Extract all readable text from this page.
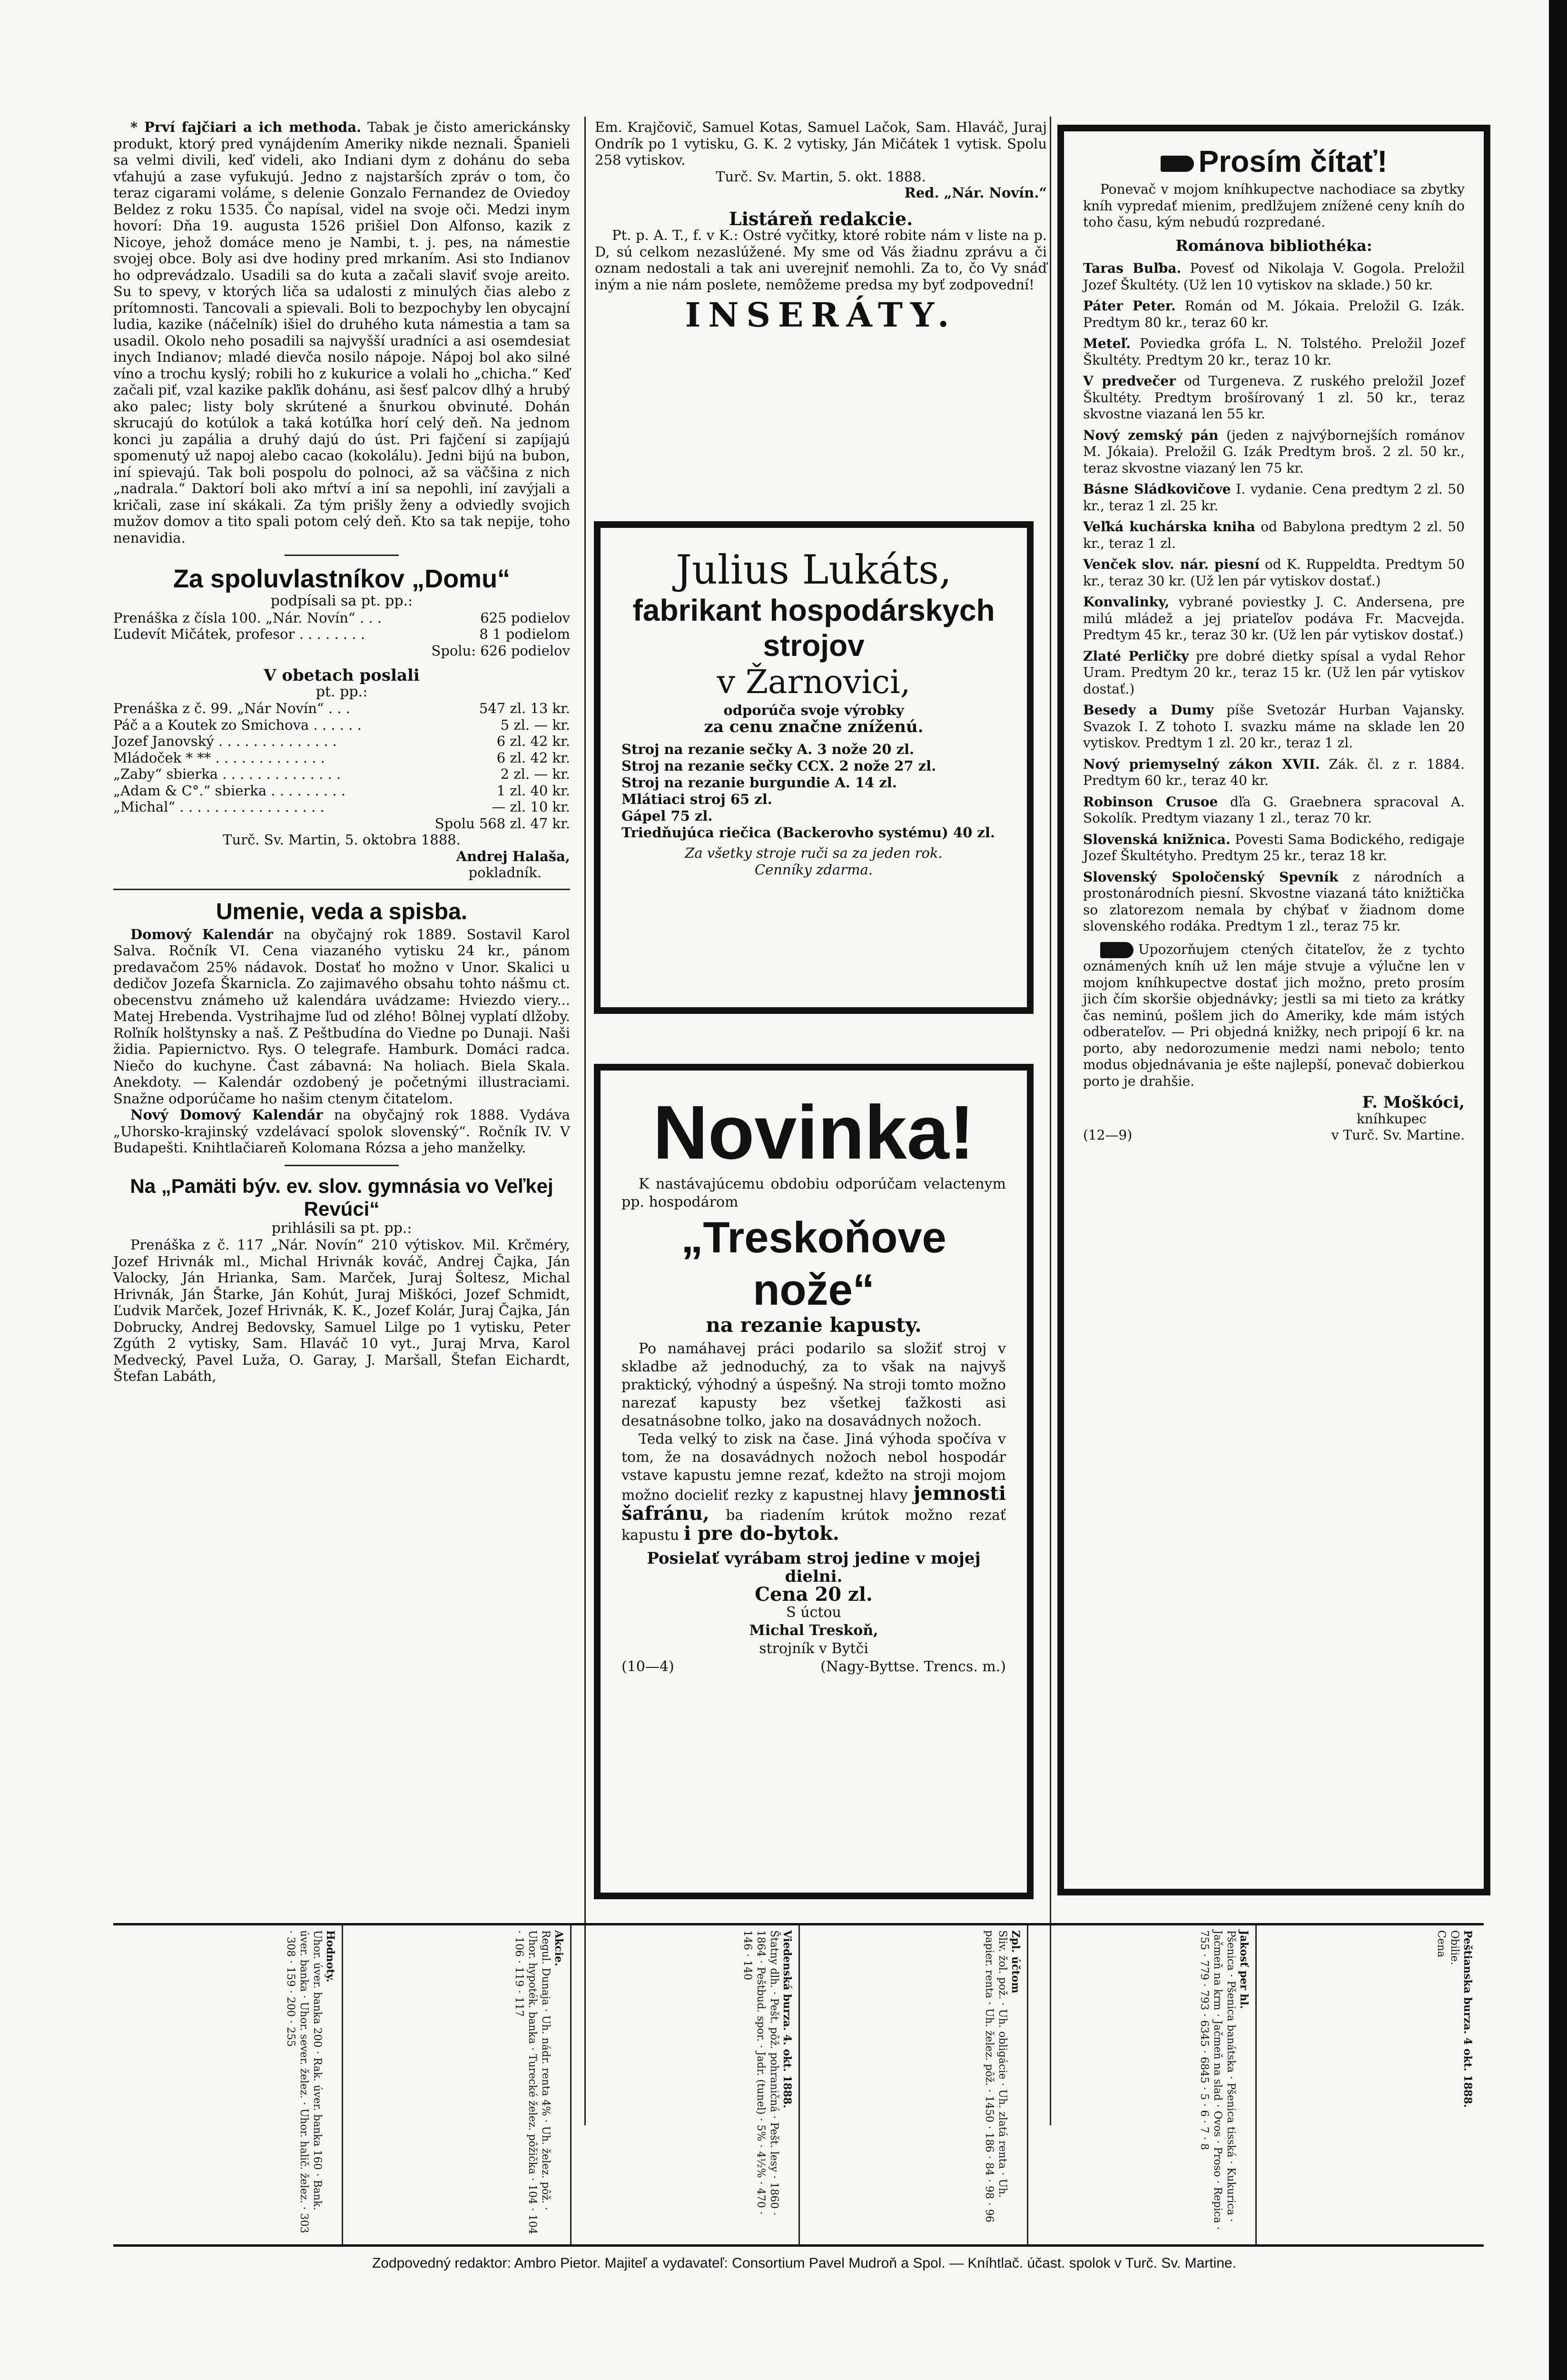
* Prví fajčiari a ich methoda. Tabak je čisto americkánsky produkt, ktorý pred vynájdením Ameriky nikde neznali. Španieli sa velmi divili, keď videli, ako Indiani dym z dohánu do seba vťahujú a zase vyfukujú. Jedno z najstarších zpráv o tom, čo teraz cigarami voláme, s delenie Gonzalo Fernandez de Oviedoy Beldez z roku 1535. Čo napísal, videl na svoje oči. Medzi inym hovorí: Dňa 19. augusta 1526 prišiel Don Alfonso, kazik z Nicoye, jehož domáce meno je Nambi, t. j. pes, na námestie svojej obce. Boly asi dve hodiny pred mrkaním. Asi sto Indianov ho odprevádzalo. Usadili sa do kuta a začali slaviť svoje areito. Su to spevy, v ktorých liča sa udalosti z minulých čias alebo z prítomnosti. Tancovali a spievali. Boli to bezpochyby len obycajní ludia, kazike (náčelník) išiel do druhého kuta námestia a tam sa usadil. Okolo neho posadili sa najvyšší uradníci a asi osemdesiat inych Indianov; mladé dievča nosilo nápoje. Nápoj bol ako silné víno a trochu kyslý; robili ho z kukurice a volali ho „chicha.“ Keď začali piť, vzal kazike pakľik dohánu, asi šesť palcov dlhý a hrubý ako palec; listy boly skrútené a šnurkou obvinuté. Dohán skrucajú do kotúlok a taká kotúľka horí celý deň. Na jednom konci ju zapália a druhý dajú do úst. Pri fajčení si zapíjajú spomenutý už napoj alebo cacao (kokolálu). Jedni bijú na bubon, iní spievajú. Tak boli pospolu do polnoci, až sa väčšina z nich „nadrala.“ Daktorí boli ako mŕtví a iní sa nepohli, iní zavýjali a kričali, zase iní skákali. Za tým prišly ženy a odviedly svojich mužov domov a tito spali potom celý deň. Kto sa tak nepije, toho nenavidia.

Za spoluvlastníkov „Domu“
podpísali sa pt. pp.:
Prenáška z čísla 100. „Nár. Novín“ . . .	625 podielov
Ľudevít Mičátek, profesor . . . . . . . .	8 1 podielom
Spolu: 626 podielov
V obetach poslali
pt. pp.:
Prenáška z č. 99. „Nár Novín“ . . .	547 zl. 13 kr.
Páč a a Koutek zo Smichova . . . . . .	5 zl. — kr.
Jozef Janovský . . . . . . . . . . . . . .	6 zl. 42 kr.
Mládoček * ** . . . . . . . . . . . . .	6 zl. 42 kr.
„Zaby“ sbierka . . . . . . . . . . . . . .	2 zl. — kr.
„Adam & C°.“ sbierka . . . . . . . . .	1 zl. 40 kr.
„Michal“ . . . . . . . . . . . . . . . . .	— zl. 10 kr.
Spolu 568 zl. 47 kr.
Turč. Sv. Martin, 5. oktobra 1888.
Andrej Halaša,
pokladník.
Umenie, veda a spisba.

Domový Kalendár na obyčajný rok 1889. Sostavil Karol Salva. Ročník VI. Cena viazaného vytisku 24 kr., pánom predavačom 25% nádavok. Dostať ho možno v Unor. Skalici u dedičov Jozefa Škarnicla. Zo zajimavého obsahu tohto nášmu ct. obecenstvu známeho už kalendára uvádzame: Hviezdo viery... Matej Hrebenda. Vystrihajme ľud od zlého! Bôlnej vyplatí dlžoby. Roľník holštynsky a naš. Z Peštbudína do Viedne po Dunaji. Naši židia. Papiernictvo. Rys. O telegrafe. Hamburk. Domáci radca. Niečo do kuchyne. Čast zábavná: Na holiach. Biela Skala. Anekdoty. — Kalendár ozdobený je početnými illustraciami. Snažne odporúčame ho našim ctenym čitatelom.

Nový Domový Kalendár na obyčajný rok 1888. Vydáva „Uhorsko-krajinský vzdelávací spolok slovenský“. Ročník IV. V Budapešti. Knihtlačiareň Kolomana Rózsa a jeho manželky.

Na „Pamäti býv. ev. slov. gymnásia vo Veľkej Revúci“
prihlásili sa pt. pp.:

Prenáška z č. 117 „Nár. Novín“ 210 výtiskov. Mil. Krčméry, Jozef Hrivnák ml., Michal Hrivnák kováč, Andrej Čajka, Ján Valocky, Ján Hrianka, Sam. Marček, Juraj Šoltesz, Michal Hrivnák, Ján Štarke, Ján Kohút, Juraj Miškóci, Jozef Schmidt, Ľudvik Marček, Jozef Hrivnák, K. K., Jozef Kolár, Juraj Čajka, Ján Dobrucky, Andrej Bedovsky, Samuel Lilge po 1 vytisku, Peter Zgúth 2 vytisky, Sam. Hlaváč 10 vyt., Juraj Mrva, Karol Medvecký, Pavel Luža, O. Garay, J. Maršall, Štefan Eichardt, Štefan Labáth,

Em. Krajčovič, Samuel Kotas, Samuel Lačok, Sam. Hlaváč, Juraj Ondrík po 1 vytisku, G. K. 2 vytisky, Ján Mičátek 1 vytisk. Spolu 258 vytiskov.

Turč. Sv. Martin, 5. okt. 1888.
Red. „Nár. Novín.“
Listáreň redakcie.

Pt. p. A. T., f. v K.: Ostré vyčitky, ktoré robite nám v liste na p. D, sú celkom nezaslúžené. My sme od Vás žiadnu zprávu a či oznam nedostali a tak ani uverejniť nemohli. Za to, čo Vy snáď iným a nie nám poslete, nemôžeme predsa my byť zodpovední!

INSERÁTY.
Julius Lukáts,
fabrikant hospodárskych strojov
v Žarnovici,
odporúča svoje výrobky
za cenu značne zníženú.
Stroj na rezanie sečky A. 3 nože 20 zl.
Stroj na rezanie sečky CCX. 2 nože 27 zl.
Stroj na rezanie burgundie A. 14 zl.
Mlátiaci stroj 65 zl.
Gápel 75 zl.
Triedňujúca riečica (Backerovho systému) 40 zl.
Za všetky stroje ruči sa za jeden rok.
Cenníky zdarma.
Novinka!

K nastávajúcemu obdobiu odporúčam velactenym pp. hospodárom

„Treskoňove nože“
na rezanie kapusty.

Po namáhavej práci podarilo sa složiť stroj v skladbe až jednoduchý, za to však na najvyš praktický, výhodný a úspešný. Na stroji tomto možno narezať kapusty bez všetkej ťažkosti asi desatnásobne tolko, jako na dosavádnych nožoch.

Teda velký to zisk na čase. Jiná výhoda spočíva v tom, že na dosavádnych nožoch nebol hospodár vstave kapustu jemne rezať, kdežto na stroji mojom možno docieliť rezky z kapustnej hlavy jemnosti šafránu, ba riadením krútok možno rezať kapustu i pre do-bytok.

Posielať vyrábam stroj jedine v mojej dielni.
Cena 20 zl.
S úctou
Michal Treskoň,
strojník v Bytči
(10—4)	(Nagy-Byttse. Trencs. m.)
Prosím čítať!

Ponevač v mojom kníhkupectve nachodiace sa zbytky kníh vypredať mienim, predlžujem znížené ceny kníh do toho času, kým nebudú rozpredané.

Románova bibliothéka:

Taras Buľba. Povesť od Nikolaja V. Gogola. Preložil Jozef Škultéty. (Už len 10 vytiskov na sklade.) 50 kr.

Páter Peter. Román od M. Jókaia. Preložil G. Izák. Predtym 80 kr., teraz 60 kr.

Meteľ. Poviedka grófa L. N. Tolstého. Preložil Jozef Škultéty. Predtym 20 kr., teraz 10 kr.

V predvečer od Turgeneva. Z ruského preložil Jozef Škultéty. Predtym brošírovaný 1 zl. 50 kr., teraz skvostne viazaná len 55 kr.

Nový zemský pán (jeden z najvýbornejších románov M. Jókaia). Preložil G. Izák Predtym broš. 2 zl. 50 kr., teraz skvostne viazaný len 75 kr.

Básne Sládkovičove I. vydanie. Cena predtym 2 zl. 50 kr., teraz 1 zl. 25 kr.

Veľká kuchárska kniha od Babylona predtym 2 zl. 50 kr., teraz 1 zl.

Venček slov. nár. piesní od K. Ruppeldta. Predtym 50 kr., teraz 30 kr. (Už len pár vytiskov dostať.)

Konvalinky, vybrané poviestky J. C. Andersena, pre milú mládež a jej priateľov podáva Fr. Macvejda. Predtym 45 kr., teraz 30 kr. (Už len pár vytiskov dostať.)

Zlaté Perličky pre dobré dietky spísal a vydal Rehor Uram. Predtym 20 kr., teraz 15 kr. (Už len pár vytiskov dostať.)

Besedy a Dumy píše Svetozár Hurban Vajansky. Svazok I. Z tohoto I. svazku máme na sklade len 20 vytiskov. Predtym 1 zl. 20 kr., teraz 1 zl.

Nový priemyselný zákon XVII. Zák. čl. z r. 1884. Predtym 60 kr., teraz 40 kr.

Robinson Crusoe dľa G. Graebnera spracoval A. Sokolík. Predtym viazany 1 zl., teraz 70 kr.

Slovenská knižnica. Povesti Sama Bodického, redigaje Jozef Škultétyho. Predtym 25 kr., teraz 18 kr.

Slovenský Spoločenský Spevník z národních a prostonárodních piesní. Skvostne viazaná táto knižtička so zlatorezom nemala by chýbať v žiadnom dome slovenského rodáka. Predtym 1 zl., teraz 75 kr.

Upozorňujem ctených čitateľov, že z tychto oznámených kníh už len máje stvuje a výlučne len v mojom kníhkupectve dostať jich možno, preto prosím jich čím skoršie objednávky; jestli sa mi tieto za krátky čas neminú, pošlem jich do Ameriky, kde mám istých odberateľov. — Pri objedná knižky, nech pripojí 6 kr. na porto, aby nedorozumenie medzi nami nebolo; tento modus objednávania je ešte najlepší, ponevač dobierkou porto je drahšie.

F. Moškóci,
kníhkupec
(12—9)	v Turč. Sv. Martine.
Peštianska burza. 4 okt. 1888.
Obilie.
Cena
Jakosť per hl.
Pšenica · Pšenica banátska · Pšenica tisská · Kukurica · Jačmeň na krm · Jačmeň na slad · Ovos · Proso · Repica · 755 · 779 · 793 · 6345 · 6845 · 5 · 6 · 7 · 8
Zpl. účtom
Sliv. žol. pož. · Uh. obligácie · Uh. zlatá renta · Uh. papier. renta · Uh. želez. pôž. · 1450 · 186 · 84 · 98 · 96
Viedenská burza. 4. okt. 1888.
Štatny dlh. · Pešt. pôž. pohraničná · Pešt. lesy · 1860 · 1864 · Peštbud. spor. · Jadr. (tunel) · 5% · 4½% · 470 · 146 · 140
Akcie.
Regul. Dunaja · Uh. nádr. renta 4% · Uh. želez. pôž. · Uhor. hypoték. banka · Turecké želez. pôžička · 104 · 104 · 106 · 119 · 117
Hodnoty.
Uhor. úver. banka 200 · Rak. úver. banka 160 · Bank. úver. banka · Uhor. sever. želez. · Uhor. halič. želez. · 303 · 308 · 159 · 200 · 255
Zodpovedný redaktor: Ambro Pietor. Majiteľ a vydavateľ: Consortium Pavel Mudroň a Spol. — Kníhtlač. účast. spolok v Turč. Sv. Martine.
